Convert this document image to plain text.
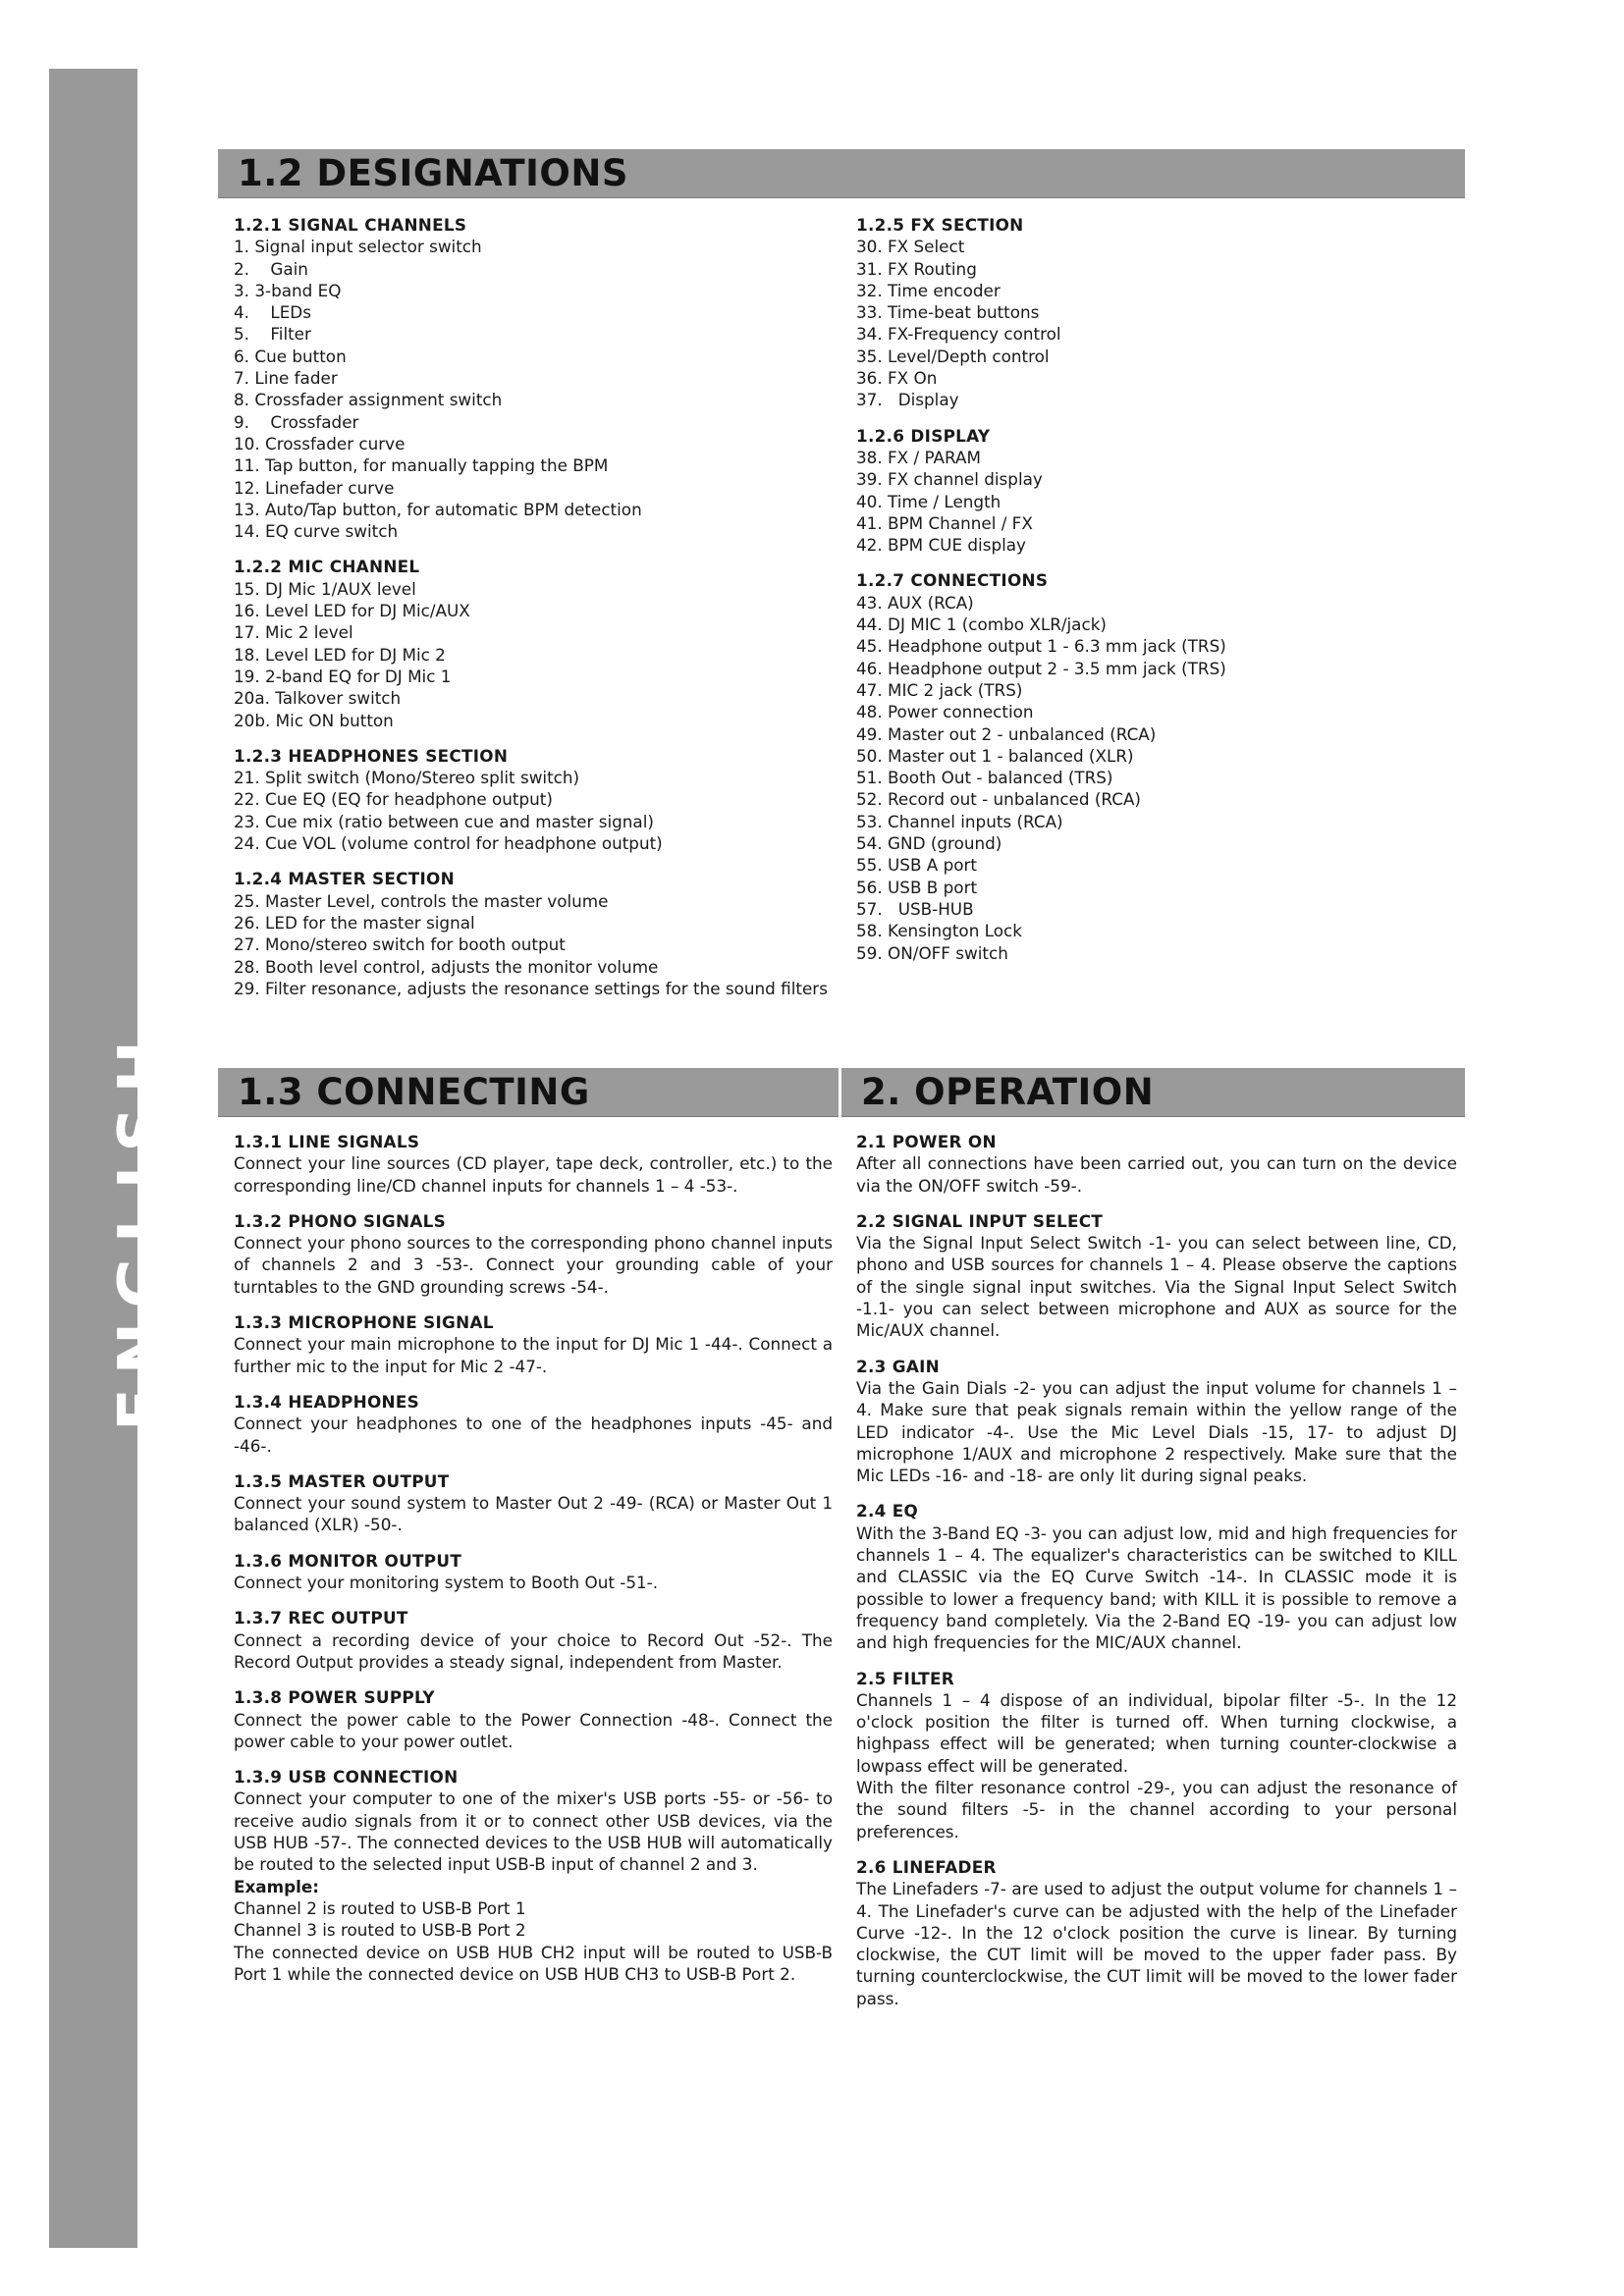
ENGLISH
12
1.2 DESIGNATIONS
1.2.1 SIGNAL CHANNELS
1. Signal input selector switch
2.    Gain
3. 3-band EQ
4.    LEDs
5.    Filter
6. Cue button
7. Line fader
8. Crossfader assignment switch
9.    Crossfader
10. Crossfader curve
11. Tap button, for manually tapping the BPM
12. Linefader curve
13. Auto/Tap button, for automatic BPM detection
14. EQ curve switch
1.2.2 MIC CHANNEL
15. DJ Mic 1/AUX level
16. Level LED for DJ Mic/AUX
17. Mic 2 level
18. Level LED for DJ Mic 2
19. 2-band EQ for DJ Mic 1
20a. Talkover switch
20b. Mic ON button
1.2.3 HEADPHONES SECTION
21. Split switch (Mono/Stereo split switch)
22. Cue EQ (EQ for headphone output)
23. Cue mix (ratio between cue and master signal)
24. Cue VOL (volume control for headphone output)
1.2.4 MASTER SECTION
25. Master Level, controls the master volume
26. LED for the master signal
27. Mono/stereo switch for booth output
28. Booth level control, adjusts the monitor volume
29. Filter resonance, adjusts the resonance settings for the sound filters
1.2.5 FX SECTION
30. FX Select
31. FX Routing
32. Time encoder
33. Time-beat buttons
34. FX-Frequency control
35. Level/Depth control
36. FX On
37.   Display
1.2.6 DISPLAY
38. FX / PARAM
39. FX channel display
40. Time / Length
41. BPM Channel / FX
42. BPM CUE display
1.2.7 CONNECTIONS
43. AUX (RCA)
44. DJ MIC 1 (combo XLR/jack)
45. Headphone output 1 - 6.3 mm jack (TRS)
46. Headphone output 2 - 3.5 mm jack (TRS)
47. MIC 2 jack (TRS)
48. Power connection
49. Master out 2 - unbalanced (RCA)
50. Master out 1 - balanced (XLR)
51. Booth Out - balanced (TRS)
52. Record out - unbalanced (RCA)
53. Channel inputs (RCA)
54. GND (ground)
55. USB A port
56. USB B port
57.   USB-HUB
58. Kensington Lock
59. ON/OFF switch
1.3 CONNECTING	2. OPERATION
1.3.1 LINE SIGNALS

Connect your line sources (CD player, tape deck, controller, etc.) to the corresponding line/CD channel inputs for channels 1 – 4 -53-.

1.3.2 PHONO SIGNALS

Connect your phono sources to the corresponding phono channel inputs of channels 2 and 3 -53-. Connect your grounding cable of your turntables to the GND grounding screws -54-.

1.3.3 MICROPHONE SIGNAL

Connect your main microphone to the input for DJ Mic 1 -44-. Connect a further mic to the input for Mic 2 -47-.

1.3.4 HEADPHONES

Connect your headphones to one of the headphones inputs -45- and -46-.

1.3.5 MASTER OUTPUT

Connect your sound system to Master Out 2 -49- (RCA) or Master Out 1 balanced (XLR) -50-.

1.3.6 MONITOR OUTPUT

Connect your monitoring system to Booth Out -51-.

1.3.7 REC OUTPUT

Connect a recording device of your choice to Record Out -52-. The Record Output provides a steady signal, independent from Master.

1.3.8 POWER SUPPLY

Connect the power cable to the Power Connection -48-. Connect the power cable to your power outlet.

1.3.9 USB CONNECTION

Connect your computer to one of the mixer's USB ports -55- or -56- to receive audio signals from it or to connect other USB devices, via the USB HUB -57-. The connected devices to the USB HUB will automatically be routed to the selected input USB-B input of channel 2 and 3.

Example:
Channel 2 is routed to USB-B Port 1
Channel 3 is routed to USB-B Port 2

The connected device on USB HUB CH2 input will be routed to USB-B Port 1 while the connected device on USB HUB CH3 to USB-B Port 2.

2.1 POWER ON

After all connections have been carried out, you can turn on the device via the ON/OFF switch -59-.

2.2 SIGNAL INPUT SELECT

Via the Signal Input Select Switch -1- you can select between line, CD, phono and USB sources for channels 1 – 4. Please observe the captions of the single signal input switches. Via the Signal Input Select Switch -1.1- you can select between microphone and AUX as source for the Mic/AUX channel.

2.3 GAIN

Via the Gain Dials -2- you can adjust the input volume for channels 1 – 4. Make sure that peak signals remain within the yellow range of the LED indicator -4-. Use the Mic Level Dials -15, 17- to adjust DJ microphone 1/AUX and microphone 2 respectively. Make sure that the Mic LEDs -16- and -18- are only lit during signal peaks.

2.4 EQ

With the 3-Band EQ -3- you can adjust low, mid and high frequencies for channels 1 – 4. The equalizer's characteristics can be switched to KILL and CLASSIC via the EQ Curve Switch -14-. In CLASSIC mode it is possible to lower a frequency band; with KILL it is possible to remove a frequency band completely. Via the 2-Band EQ -19- you can adjust low and high frequencies for the MIC/AUX channel.

2.5 FILTER

Channels 1 – 4 dispose of an individual, bipolar filter -5-. In the 12 o'clock position the filter is turned off. When turning clockwise, a highpass effect will be generated; when turning counter-clockwise a lowpass effect will be generated.

With the filter resonance control -29-, you can adjust the resonance of the sound filters -5- in the channel according to your personal preferences.

2.6 LINEFADER

The Linefaders -7- are used to adjust the output volume for channels 1 – 4. The Linefader's curve can be adjusted with the help of the Linefader Curve -12-. In the 12 o'clock position the curve is linear. By turning clockwise, the CUT limit will be moved to the upper fader pass. By turning counterclockwise, the CUT limit will be moved to the lower fader pass.
